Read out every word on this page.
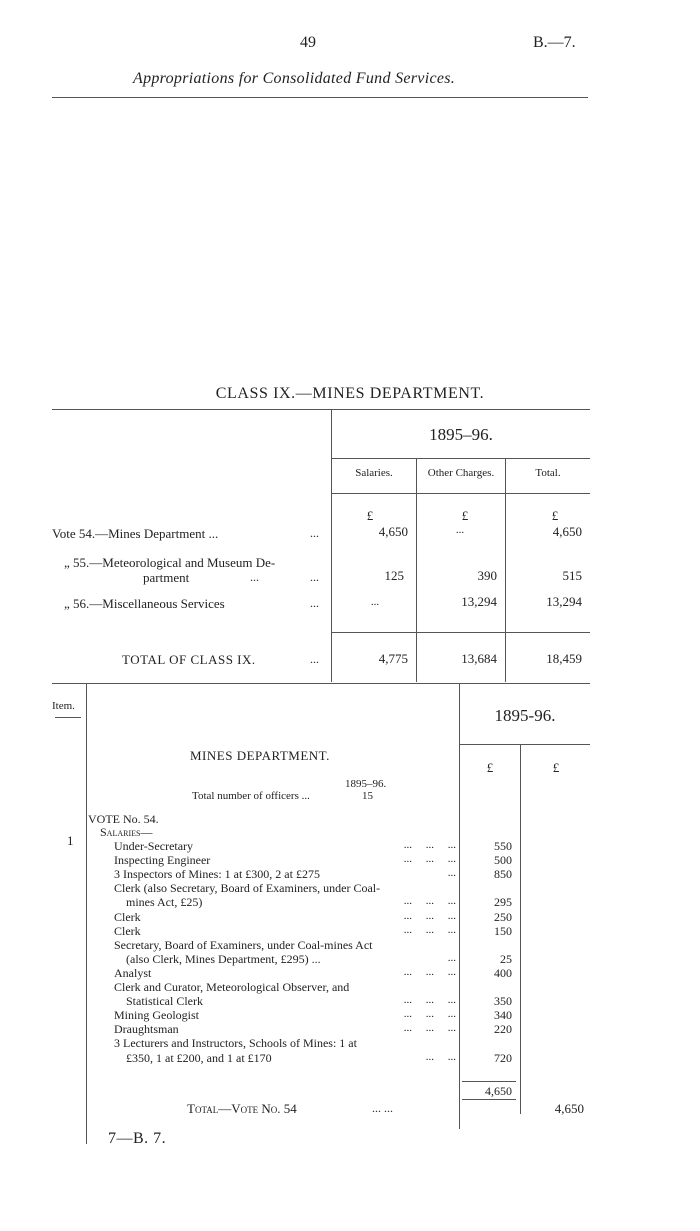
49	B.—7.
Appropriations for Consolidated Fund Services.
CLASS IX.—MINES DEPARTMENT.
1895–96.
Salaries.	Other Charges.	Total.
£	£	£
Vote 54.—Mines Department ...	...	4,650	...	4,650
„ 55.—Meteorological and Museum De-
partment	...	...	125	390	515
„ 56.—Miscellaneous Services	...	...	13,294	13,294
TOTAL OF CLASS IX.	...	4,775	13,684	18,459
Item.	1895-96.
£	£
MINES DEPARTMENT.
1895–96.
Total number of officers ...	15
VOTE No. 54.
1
Salaries—
Under-Secretary	...     ...     ...	550
Inspecting Engineer	...     ...     ...	500
3 Inspectors of Mines: 1 at £300, 2 at £275	...	850
Clerk (also Secretary, Board of Examiners, under Coal-
mines Act, £25)	...     ...     ...	295
Clerk	...     ...     ...	250
Clerk	...     ...     ...	150
Secretary, Board of Examiners, under Coal-mines Act
(also Clerk, Mines Department, £295) ...	...	25
Analyst	...     ...     ...	400
Clerk and Curator, Meteorological Observer, and
Statistical Clerk	...     ...     ...	350
Mining Geologist	...     ...     ...	340
Draughtsman	...     ...     ...	220
3 Lecturers and Instructors, Schools of Mines: 1 at
£350, 1 at £200, and 1 at £170	...     ...	720
4,650
Total—Vote No. 54	... ...	4,650
7—B. 7.
